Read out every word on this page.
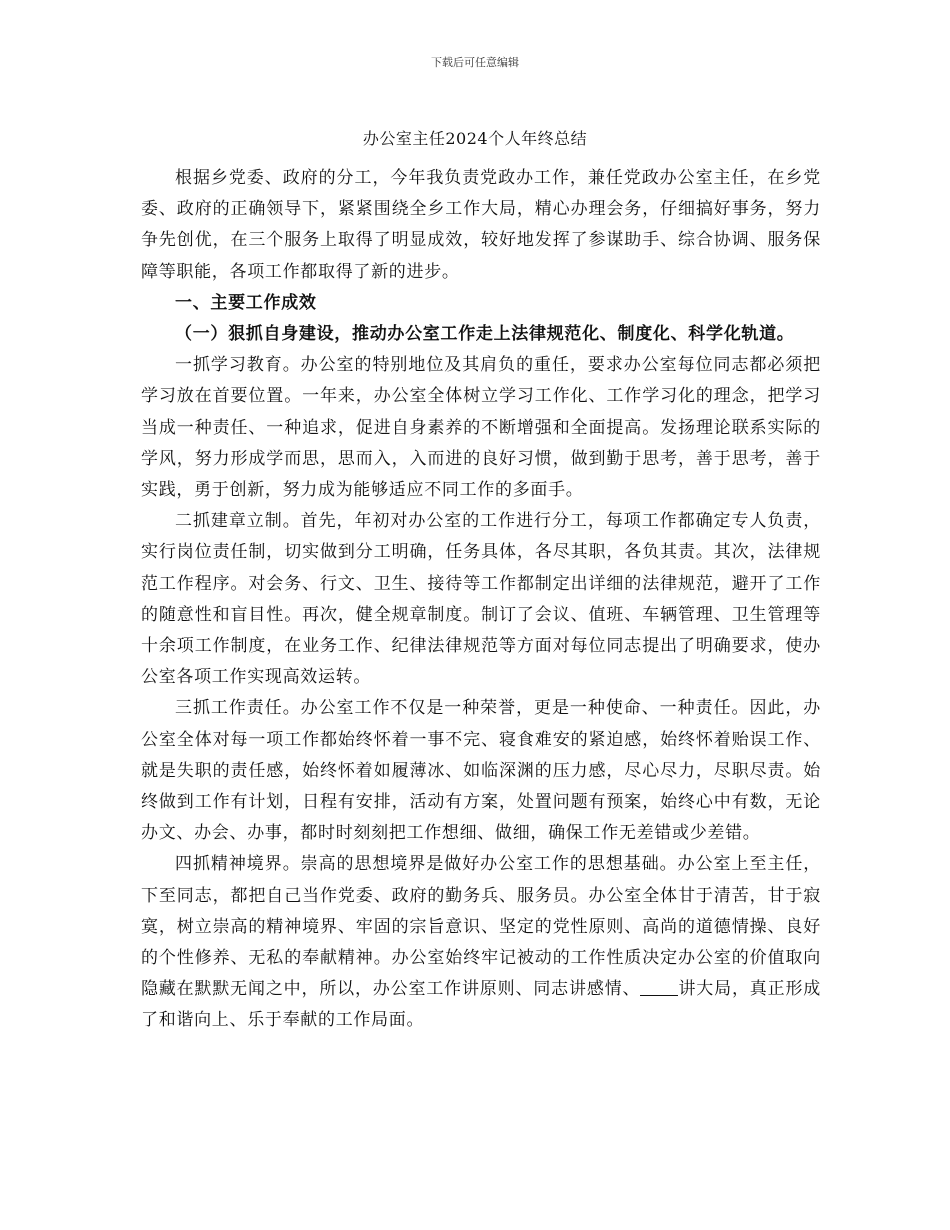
下载后可任意编辑
办公室主任2024个人年终总结

根据乡党委、政府的分工，今年我负责党政办工作，兼任党政办公室主任，在乡党委、政府的正确领导下，紧紧围绕全乡工作大局，精心办理会务，仔细搞好事务，努力争先创优，在三个服务上取得了明显成效，较好地发挥了参谋助手、综合协调、服务保障等职能，各项工作都取得了新的进步。

一、主要工作成效

（一）狠抓自身建设，推动办公室工作走上法律规范化、制度化、科学化轨道。

一抓学习教育。办公室的特别地位及其肩负的重任，要求办公室每位同志都必须把学习放在首要位置。一年来，办公室全体树立学习工作化、工作学习化的理念，把学习当成一种责任、一种追求，促进自身素养的不断增强和全面提高。发扬理论联系实际的学风，努力形成学而思，思而入，入而进的良好习惯，做到勤于思考，善于思考，善于实践，勇于创新，努力成为能够适应不同工作的多面手。

二抓建章立制。首先，年初对办公室的工作进行分工，每项工作都确定专人负责，实行岗位责任制，切实做到分工明确，任务具体，各尽其职，各负其责。其次，法律规范工作程序。对会务、行文、卫生、接待等工作都制定出详细的法律规范，避开了工作的随意性和盲目性。再次，健全规章制度。制订了会议、值班、车辆管理、卫生管理等十余项工作制度，在业务工作、纪律法律规范等方面对每位同志提出了明确要求，使办公室各项工作实现高效运转。

三抓工作责任。办公室工作不仅是一种荣誉，更是一种使命、一种责任。因此，办公室全体对每一项工作都始终怀着一事不完、寝食难安的紧迫感，始终怀着贻误工作、就是失职的责任感，始终怀着如履薄冰、如临深渊的压力感，尽心尽力，尽职尽责。始终做到工作有计划，日程有安排，活动有方案，处置问题有预案，始终心中有数，无论办文、办会、办事，都时时刻刻把工作想细、做细，确保工作无差错或少差错。

四抓精神境界。崇高的思想境界是做好办公室工作的思想基础。办公室上至主任，下至同志，都把自己当作党委、政府的勤务兵、服务员。办公室全体甘于清苦，甘于寂寞，树立崇高的精神境界、牢固的宗旨意识、坚定的党性原则、高尚的道德情操、良好的个性修养、无私的奉献精神。办公室始终牢记被动的工作性质决定办公室的价值取向隐藏在默默无闻之中，所以，办公室工作讲原则、同志讲感情、 讲大局，真正形成了和谐向上、乐于奉献的工作局面。
